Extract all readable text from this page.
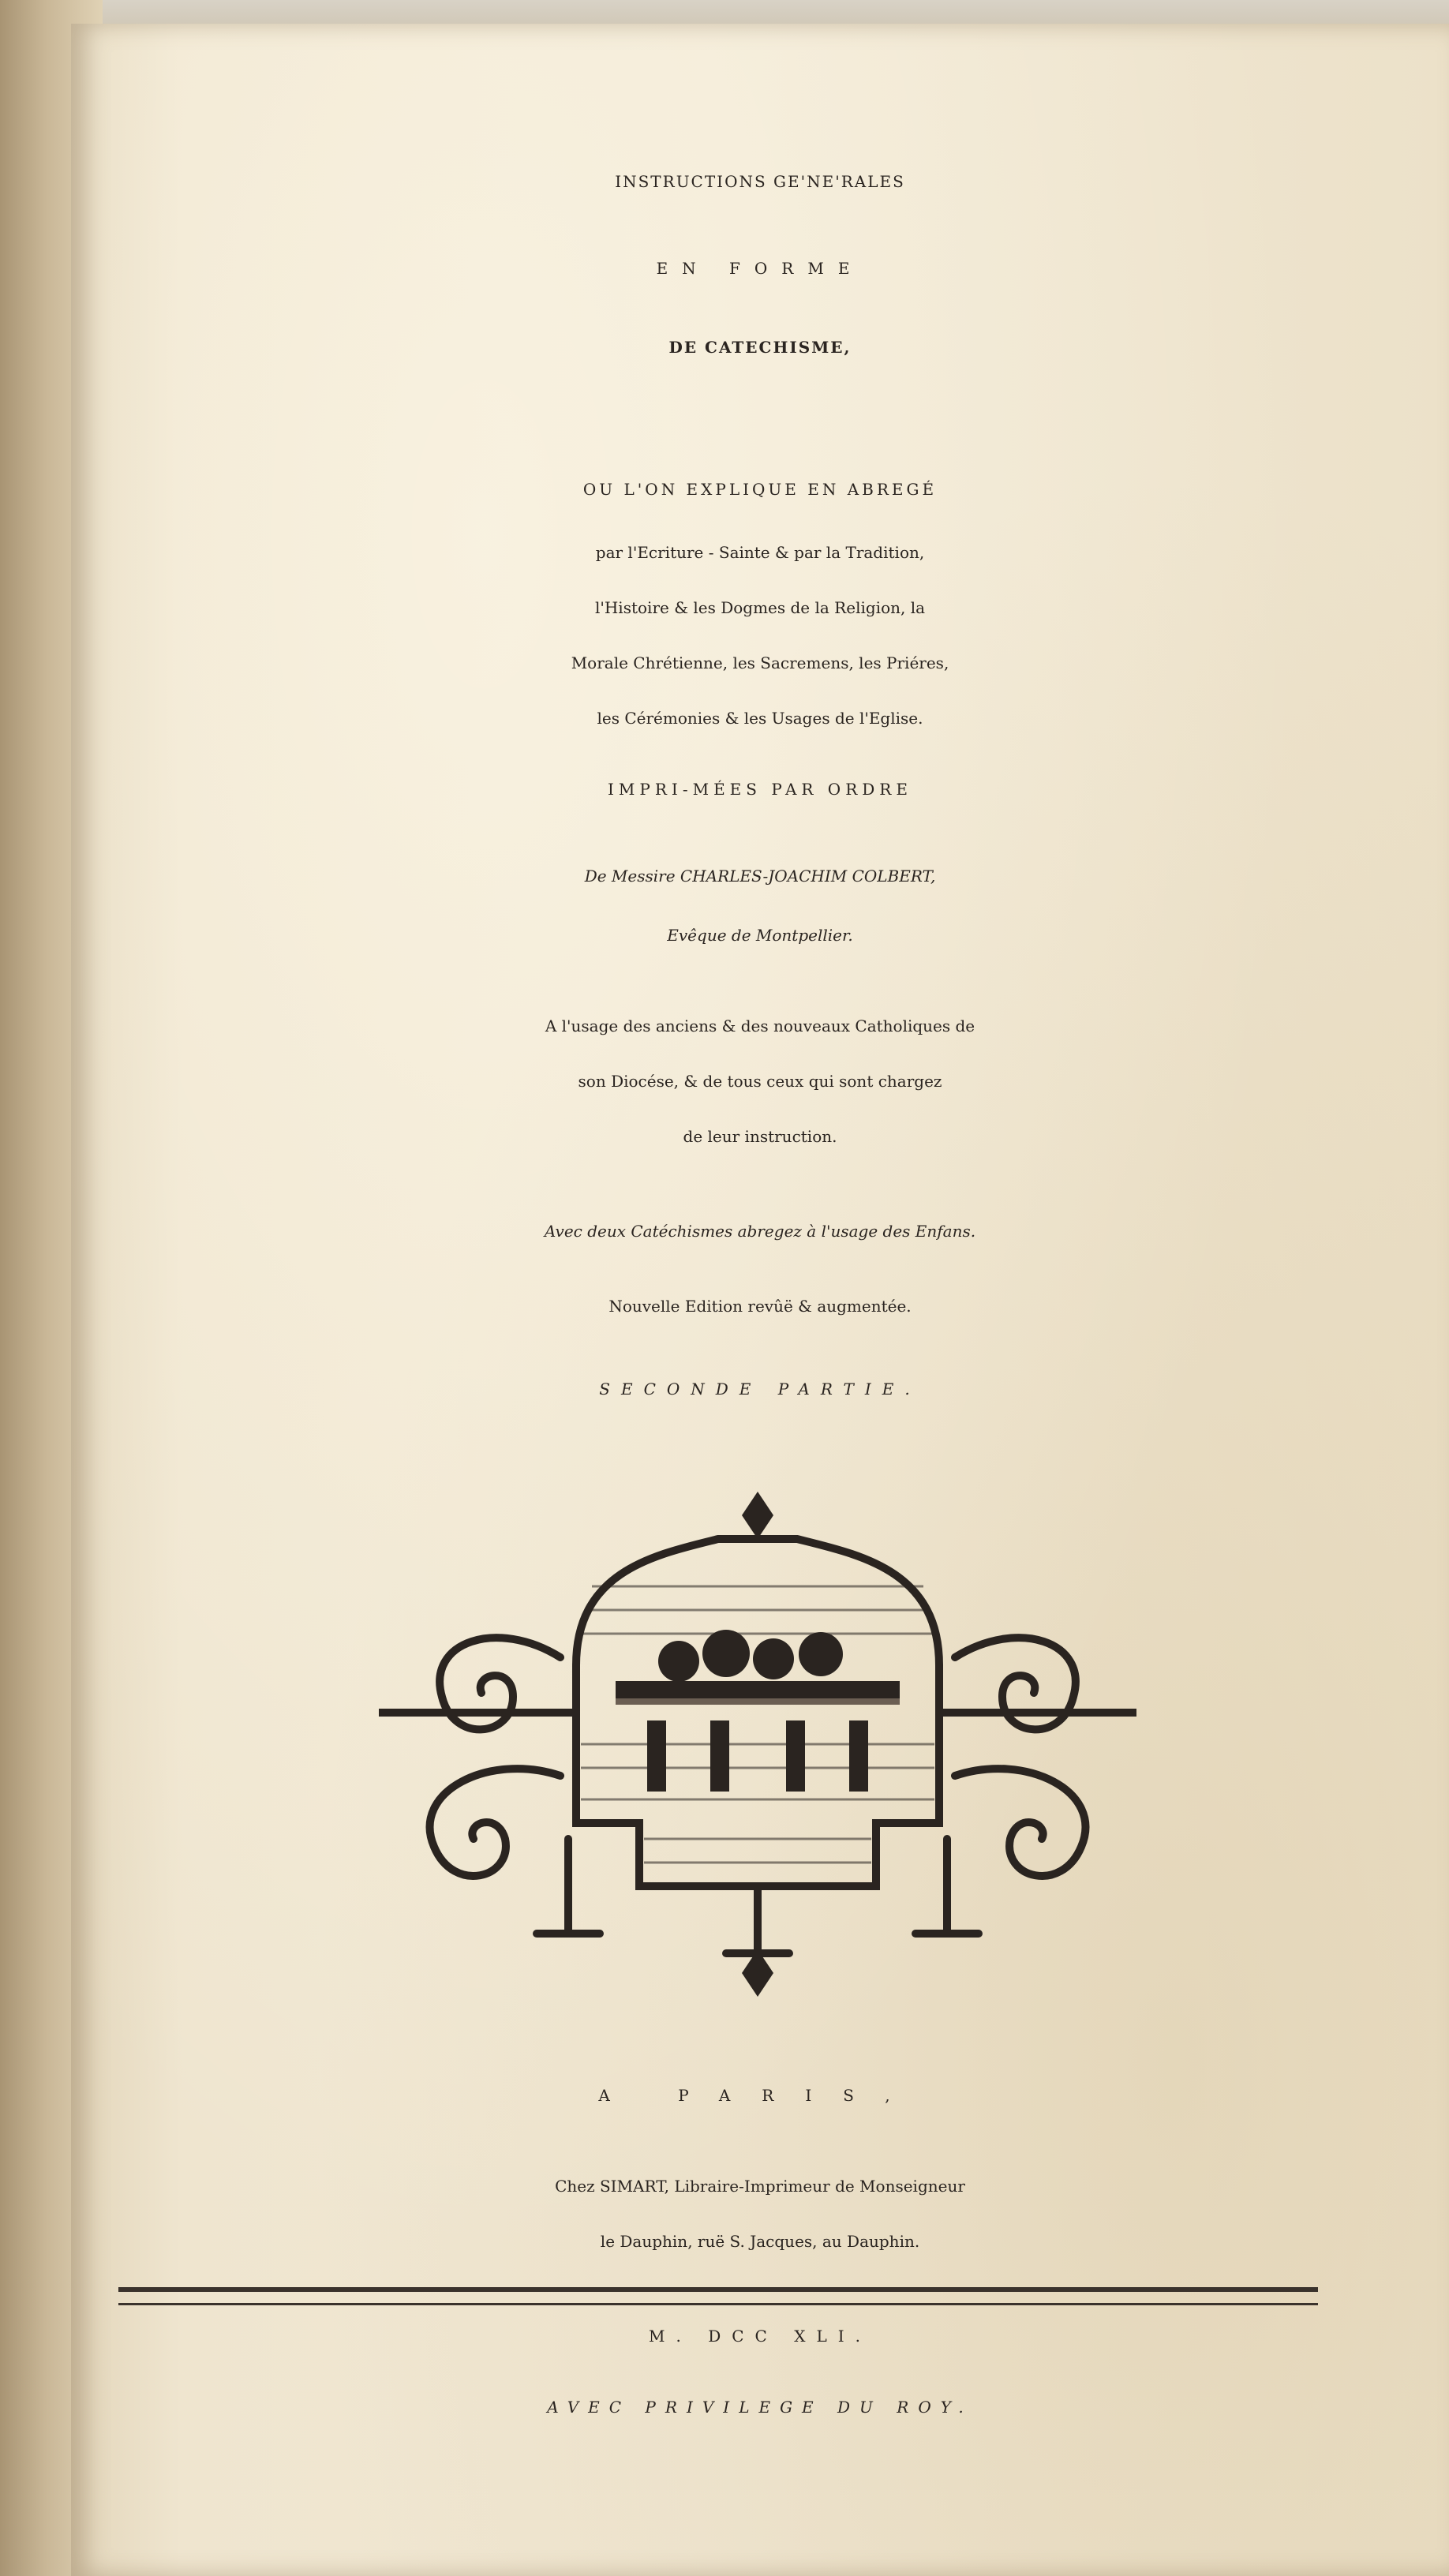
INSTRUCTIONS GE'NE'RALES
EN FORME
DE CATECHISME,
OU L'ON EXPLIQUE EN ABREGÉ
par l'Ecriture - Sainte & par la Tradition,
l'Histoire & les Dogmes de la Religion, la
Morale Chrétienne, les Sacremens, les Priéres,
les Cérémonies & les Usages de l'Eglise.
IMPRI-MÉES PAR ORDRE
De Messire CHARLES-JOACHIM COLBERT,
Evêque de Montpellier.
A l'usage des anciens & des nouveaux Catholiques de
son Diocése, & de tous ceux qui sont chargez
de leur instruction.
Avec deux Catéchismes abregez à l'usage des Enfans.
Nouvelle Edition revûë & augmentée.
SECONDE PARTIE.
A PARIS,
Chez SIMART, Libraire-Imprimeur de Monseigneur
le Dauphin, ruë S. Jacques, au Dauphin.
M. DCC XLI.
AVEC PRIVILEGE DU ROY.
